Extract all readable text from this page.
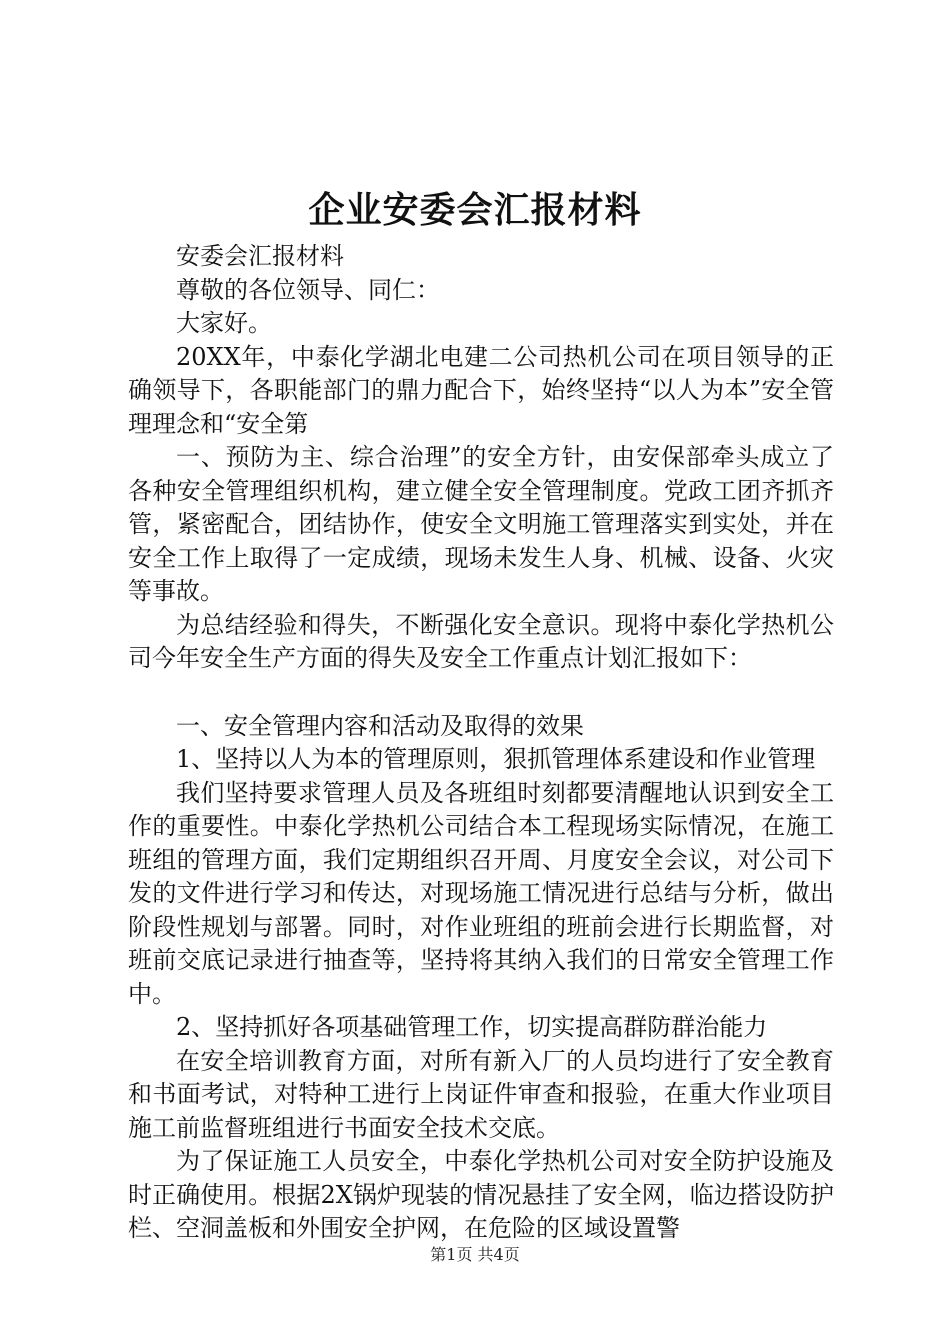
企业安委会汇报材料

安委会汇报材料

尊敬的各位领导、同仁：

大家好。

20XX年，中泰化学湖北电建二公司热机公司在项目领导的正确领导下，各职能部门的鼎力配合下，始终坚持“以人为本”安全管理理念和“安全第

一、预防为主、综合治理”的安全方针，由安保部牵头成立了各种安全管理组织机构，建立健全安全管理制度。党政工团齐抓齐管，紧密配合，团结协作，使安全文明施工管理落实到实处，并在安全工作上取得了一定成绩，现场未发生人身、机械、设备、火灾等事故。

为总结经验和得失，不断强化安全意识。现将中泰化学热机公司今年安全生产方面的得失及安全工作重点计划汇报如下：

一、安全管理内容和活动及取得的效果

1、坚持以人为本的管理原则，狠抓管理体系建设和作业管理

我们坚持要求管理人员及各班组时刻都要清醒地认识到安全工作的重要性。中泰化学热机公司结合本工程现场实际情况，在施工班组的管理方面，我们定期组织召开周、月度安全会议，对公司下发的文件进行学习和传达，对现场施工情况进行总结与分析，做出阶段性规划与部署。同时，对作业班组的班前会进行长期监督，对班前交底记录进行抽查等，坚持将其纳入我们的日常安全管理工作中。

2、坚持抓好各项基础管理工作，切实提高群防群治能力

在安全培训教育方面，对所有新入厂的人员均进行了安全教育和书面考试，对特种工进行上岗证件审查和报验，在重大作业项目施工前监督班组进行书面安全技术交底。

为了保证施工人员安全，中泰化学热机公司对安全防护设施及时正确使用。根据2X锅炉现装的情况悬挂了安全网，临边搭设防护栏、空洞盖板和外围安全护网，在危险的区域设置警

第1页 共4页
